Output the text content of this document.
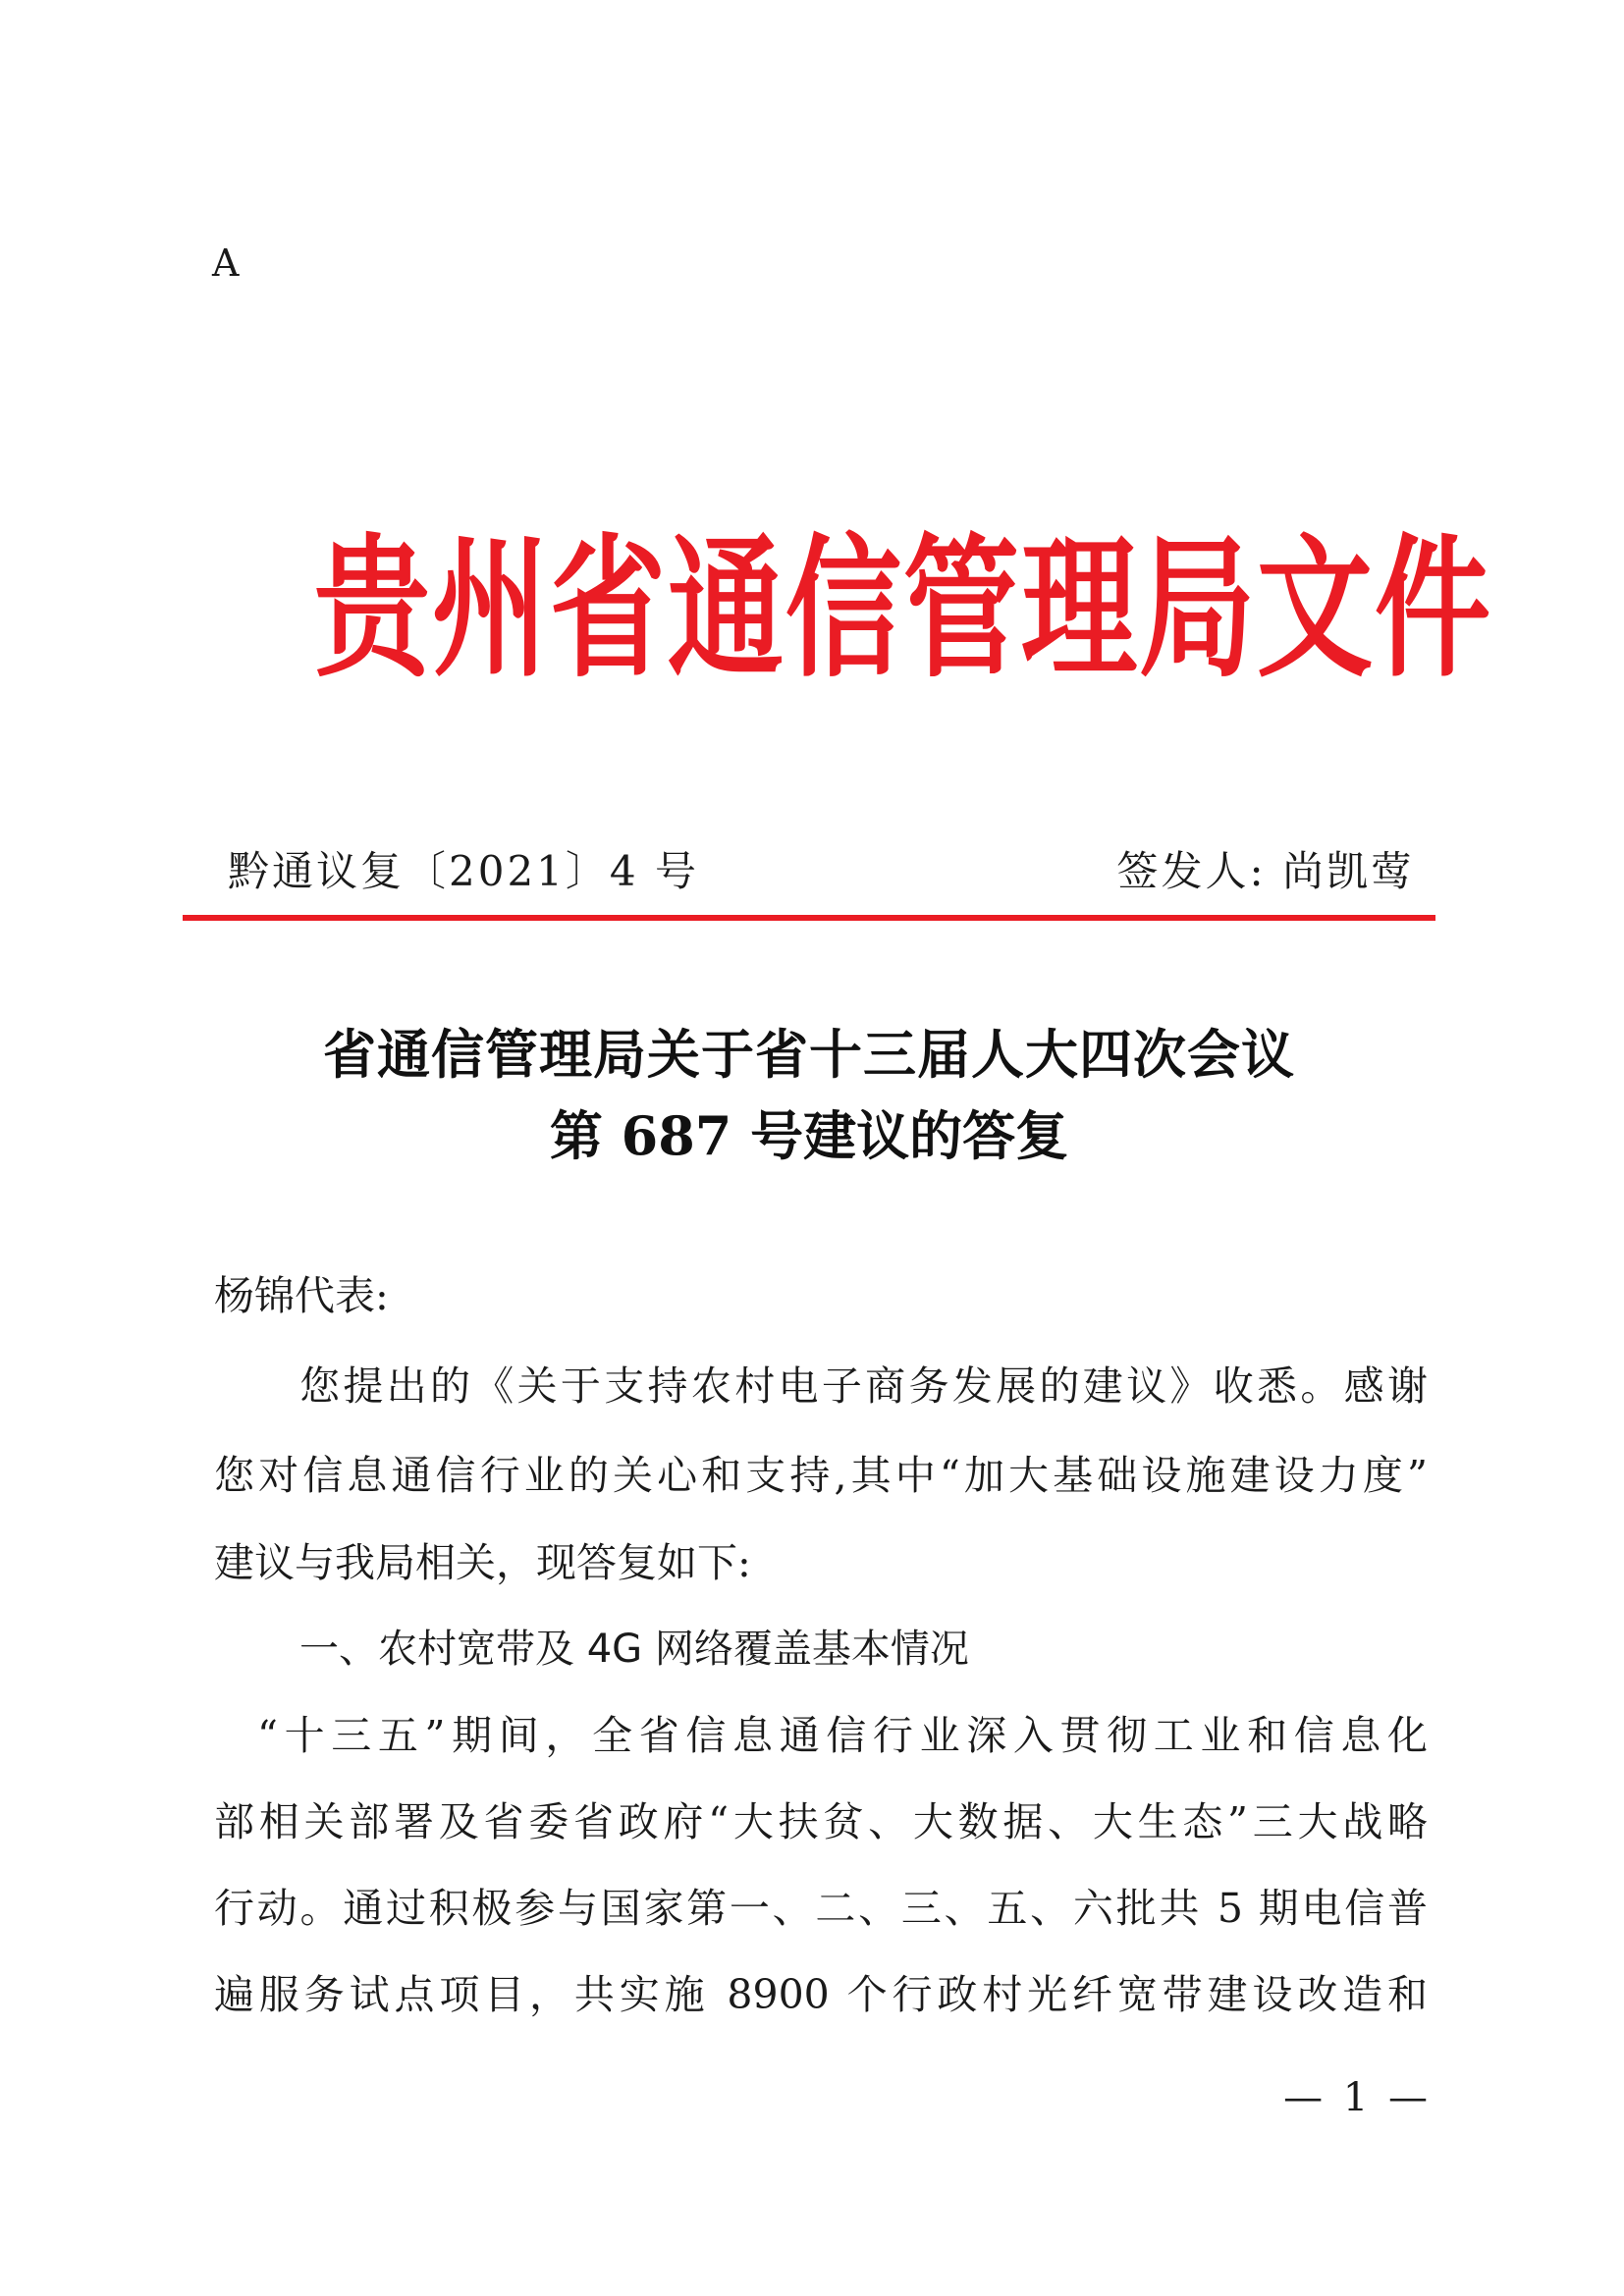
A
贵州省通信管理局文件
黔通议复〔2021〕4 号	签发人: 尚凯莺
省通信管理局关于省十三届人大四次会议
第 687 号建议的答复
杨锦代表:
您提出的《关于支持农村电子商务发展的建议》收悉。感谢
您对信息通信行业的关心和支持,其中“加大基础设施建设力度”
建议与我局相关，现答复如下:
一、农村宽带及 4G 网络覆盖基本情况
“十三五”期间，全省信息通信行业深入贯彻工业和信息化
部相关部署及省委省政府“大扶贫、大数据、大生态”三大战略
行动。通过积极参与国家第一、二、三、五、六批共 5 期电信普
遍服务试点项目，共实施 8900 个行政村光纤宽带建设改造和
— 1 —
